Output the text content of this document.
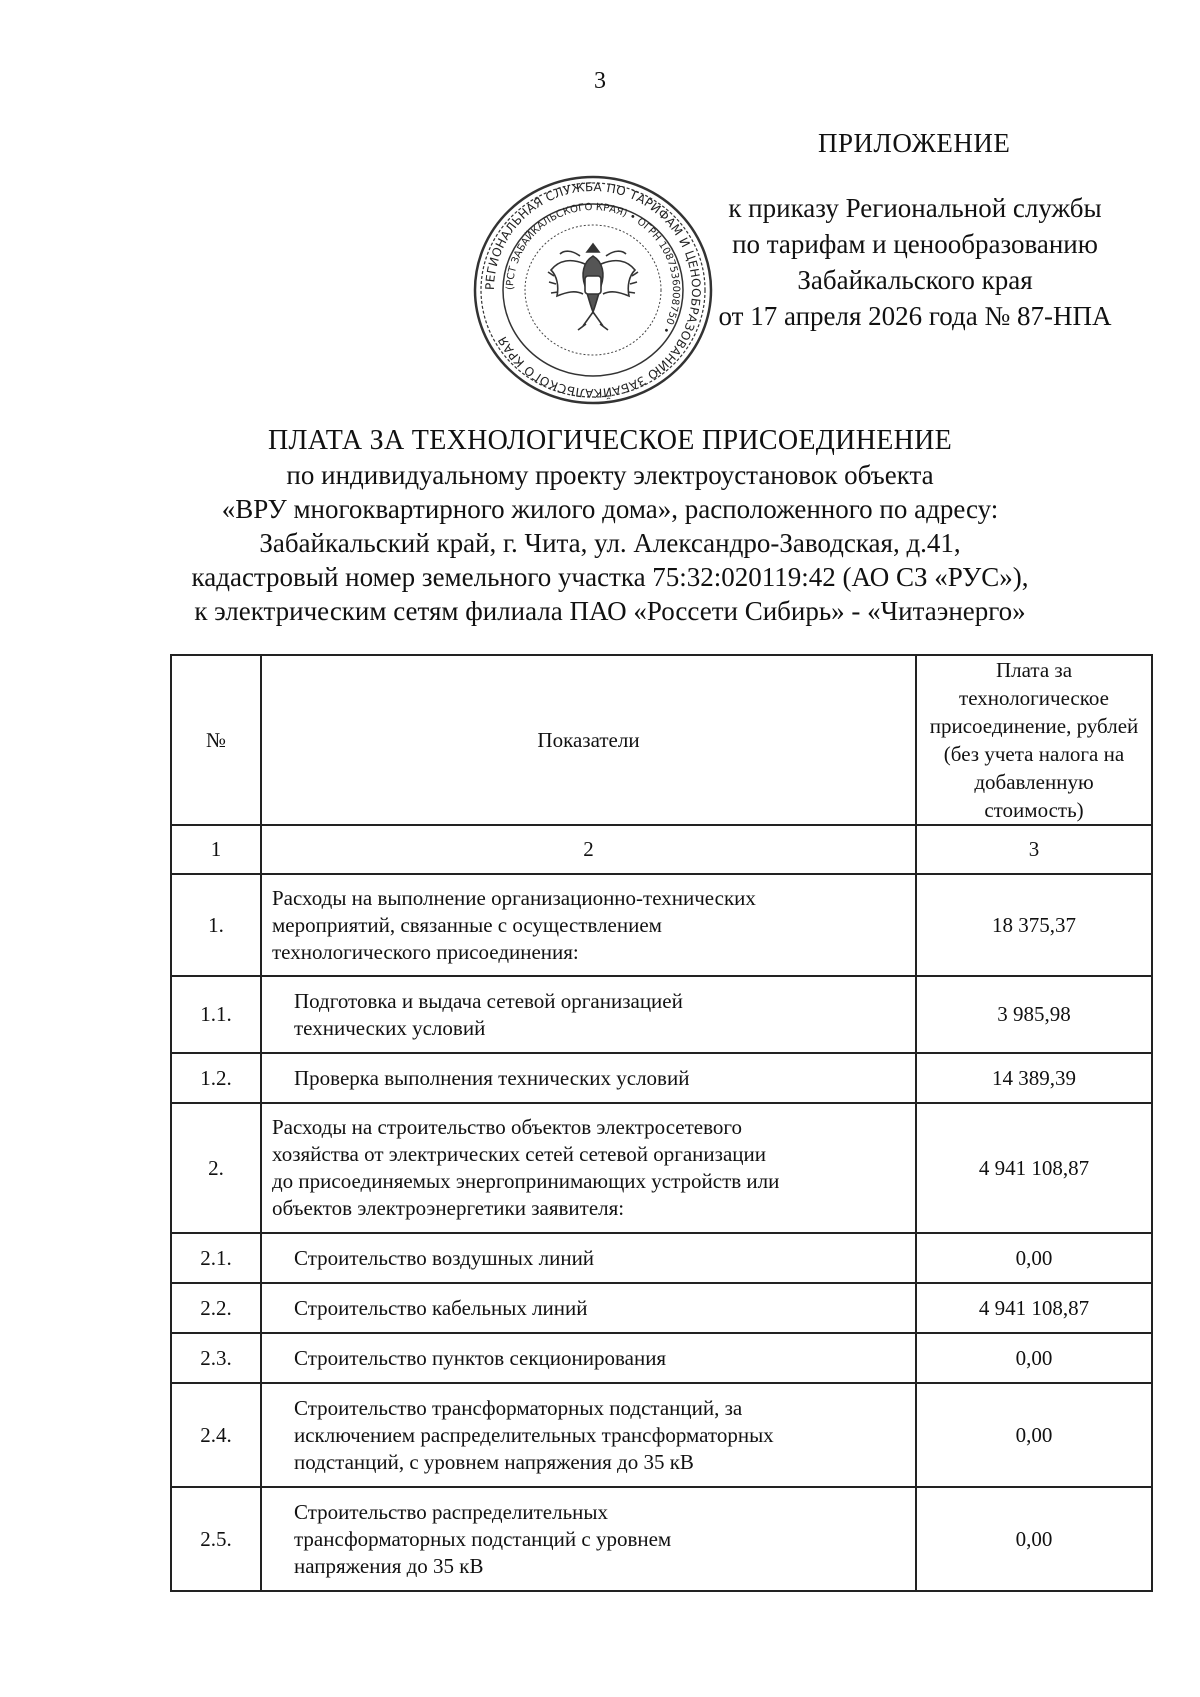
3
ПРИЛОЖЕНИЕ
к приказу Региональной службы
по тарифам и ценообразованию
Забайкальского края
от 17 апреля 2026 года № 87-НПА
РЕГИОНАЛЬНАЯ СЛУЖБА ПО ТАРИФАМ И ЦЕНООБРАЗОВАНИЮ ЗАБАЙКАЛЬСКОГО КРАЯ
(РСТ ЗАБАЙКАЛЬСКОГО КРАЯ) • ОГРН 1087536008750 •
ПЛАТА ЗА ТЕХНОЛОГИЧЕСКОЕ ПРИСОЕДИНЕНИЕ
по индивидуальному проекту электроустановок объекта
«ВРУ многоквартирного жилого дома», расположенного по адресу:
Забайкальский край, г. Чита, ул. Александро-Заводская, д.41,
кадастровый номер земельного участка 75:32:020119:42 (АО СЗ «РУС»),
к электрическим сетям филиала ПАО «Россети Сибирь» - «Читаэнерго»
№	Показатели	Плата за технологическое
присоединение, рублей
(без учета налога на
добавленную стоимость)

1	2	3
1.	Расходы на выполнение организационно-технических
мероприятий, связанные с осуществлением
технологического присоединения:	18 375,37
1.1.	Подготовка и выдача сетевой организацией
технических условий	3 985,98
1.2.	Проверка выполнения технических условий	14 389,39
2.	Расходы на строительство объектов электросетевого
хозяйства от электрических сетей сетевой организации
до присоединяемых энергопринимающих устройств или
объектов электроэнергетики заявителя:	4 941 108,87
2.1.	Строительство воздушных линий	0,00
2.2.	Строительство кабельных линий	4 941 108,87
2.3.	Строительство пунктов секционирования	0,00
2.4.	Строительство трансформаторных подстанций, за
исключением распределительных трансформаторных
подстанций, с уровнем напряжения до 35 кВ	0,00
2.5.	Строительство распределительных
трансформаторных подстанций с уровнем
напряжения до 35 кВ	0,00
